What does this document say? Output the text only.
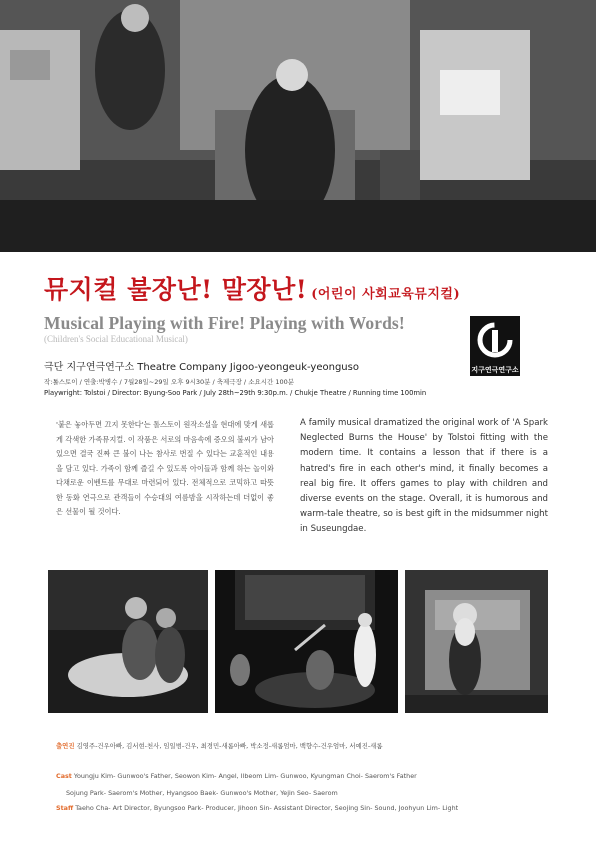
뮤지컬 불장난! 말장난! (어린이 사회교육뮤지컬)
Musical Playing with Fire! Playing with Words!
(Children's Social Educational Musical)
지구연극연구소
극단 지구연극연구소 Theatre Company Jigoo-yeongeuk-yeonguso
작:톨스토이 / 연출:박병수 / 7월28일~29일 오후 9시30분 / 축제극장 / 소요시간 100분
Playwright: Tolstoi / Director: Byung-Soo Park / July 28th~29th 9:30p.m. / Chukje Theatre / Running time 100min
'붙은 놓아두면 끄지 못한다'는 톨스토이 원작소설을 현대에 맞게 새롭게 각색한 가족뮤지컬. 이 작품은 서로의 마음속에 증오의 불씨가 남아 있으면 결국 진짜 큰 불이 나는 참사로 번질 수 있다는 교훈적인 내용을 담고 있다. 가족이 함께 즐길 수 있도록 아이들과 함께 하는 놀이와 다채로운 이벤트를 무대로 마련되어 있다. 전체적으로 코믹하고 따뜻한 동화 연극으로 관객들이 수승대의 여름밤을 시작하는데 더없이 좋은 선물이 될 것이다.
A family musical dramatized the original work of 'A Spark Neglected Burns the House' by Tolstoi fitting with the modern time. It contains a lesson that if there is a hatred's fire in each other's mind, it finally becomes a real big fire. It offers games to play with children and diverse events on the stage. Overall, it is humorous and warm-tale theatre, so is best gift in the midsummer night in Suseungdae.
출연진 김영주-건우아빠, 김서현-천사, 임일범-건우, 최경민-새롬아빠, 박소정-새롬엄마, 백향수-건우엄마, 서예진-새롬
Cast Youngju Kim- Gunwoo's Father, Seowon Kim- Angel, Ilbeom Lim- Gunwoo, Kyungman Choi- Saerom's Father
Sojung Park- Saerom's Mother, Hyangsoo Baek- Gunwoo's Mother, Yejin Seo- Saerom
Staff Taeho Cha- Art Director, Byungsoo Park- Producer, Jihoon Sin- Assistant Director, Seojing Sin- Sound, Joohyun Lim- Light
